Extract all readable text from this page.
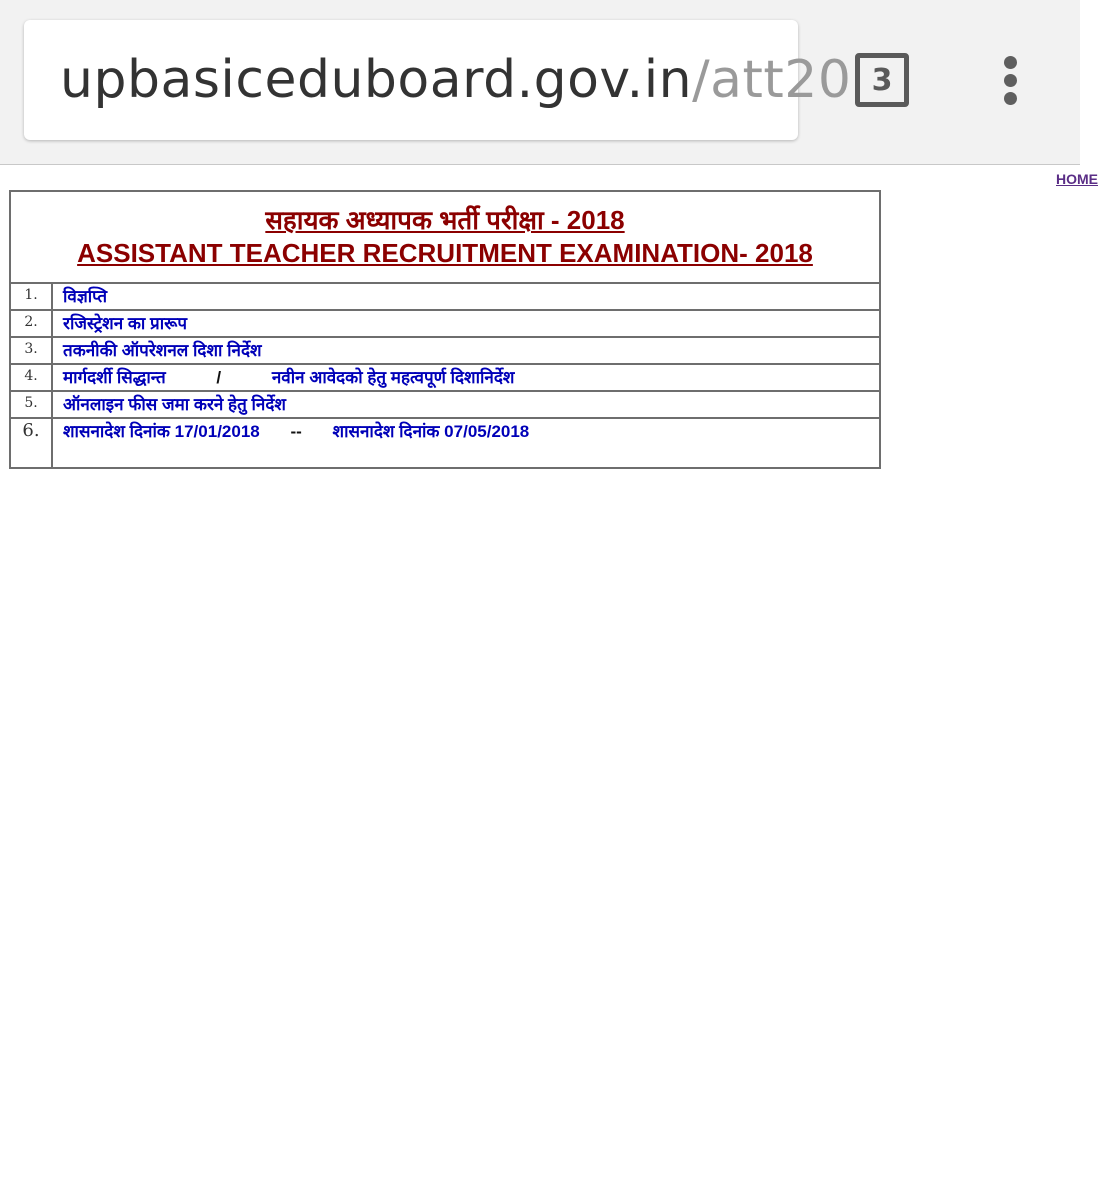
upbasiceduboard.gov.in /att20 3
HOME
सहायक अध्यापक भर्ती परीक्षा - 2018
ASSISTANT TEACHER RECRUITMENT EXAMINATION- 2018
1.	विज्ञप्ति
2.	रजिस्ट्रेशन का प्रारूप
3.	तकनीकी ऑपरेशनल दिशा निर्देश
4.	मार्गदर्शी सिद्धान्त	/	नवीन आवेदको हेतु महत्वपूर्ण दिशानिर्देश
5.	ऑनलाइन फीस जमा करने हेतु निर्देश
6.	शासनादेश दिनांक 17/01/2018 -- शासनादेश दिनांक 07/05/2018
